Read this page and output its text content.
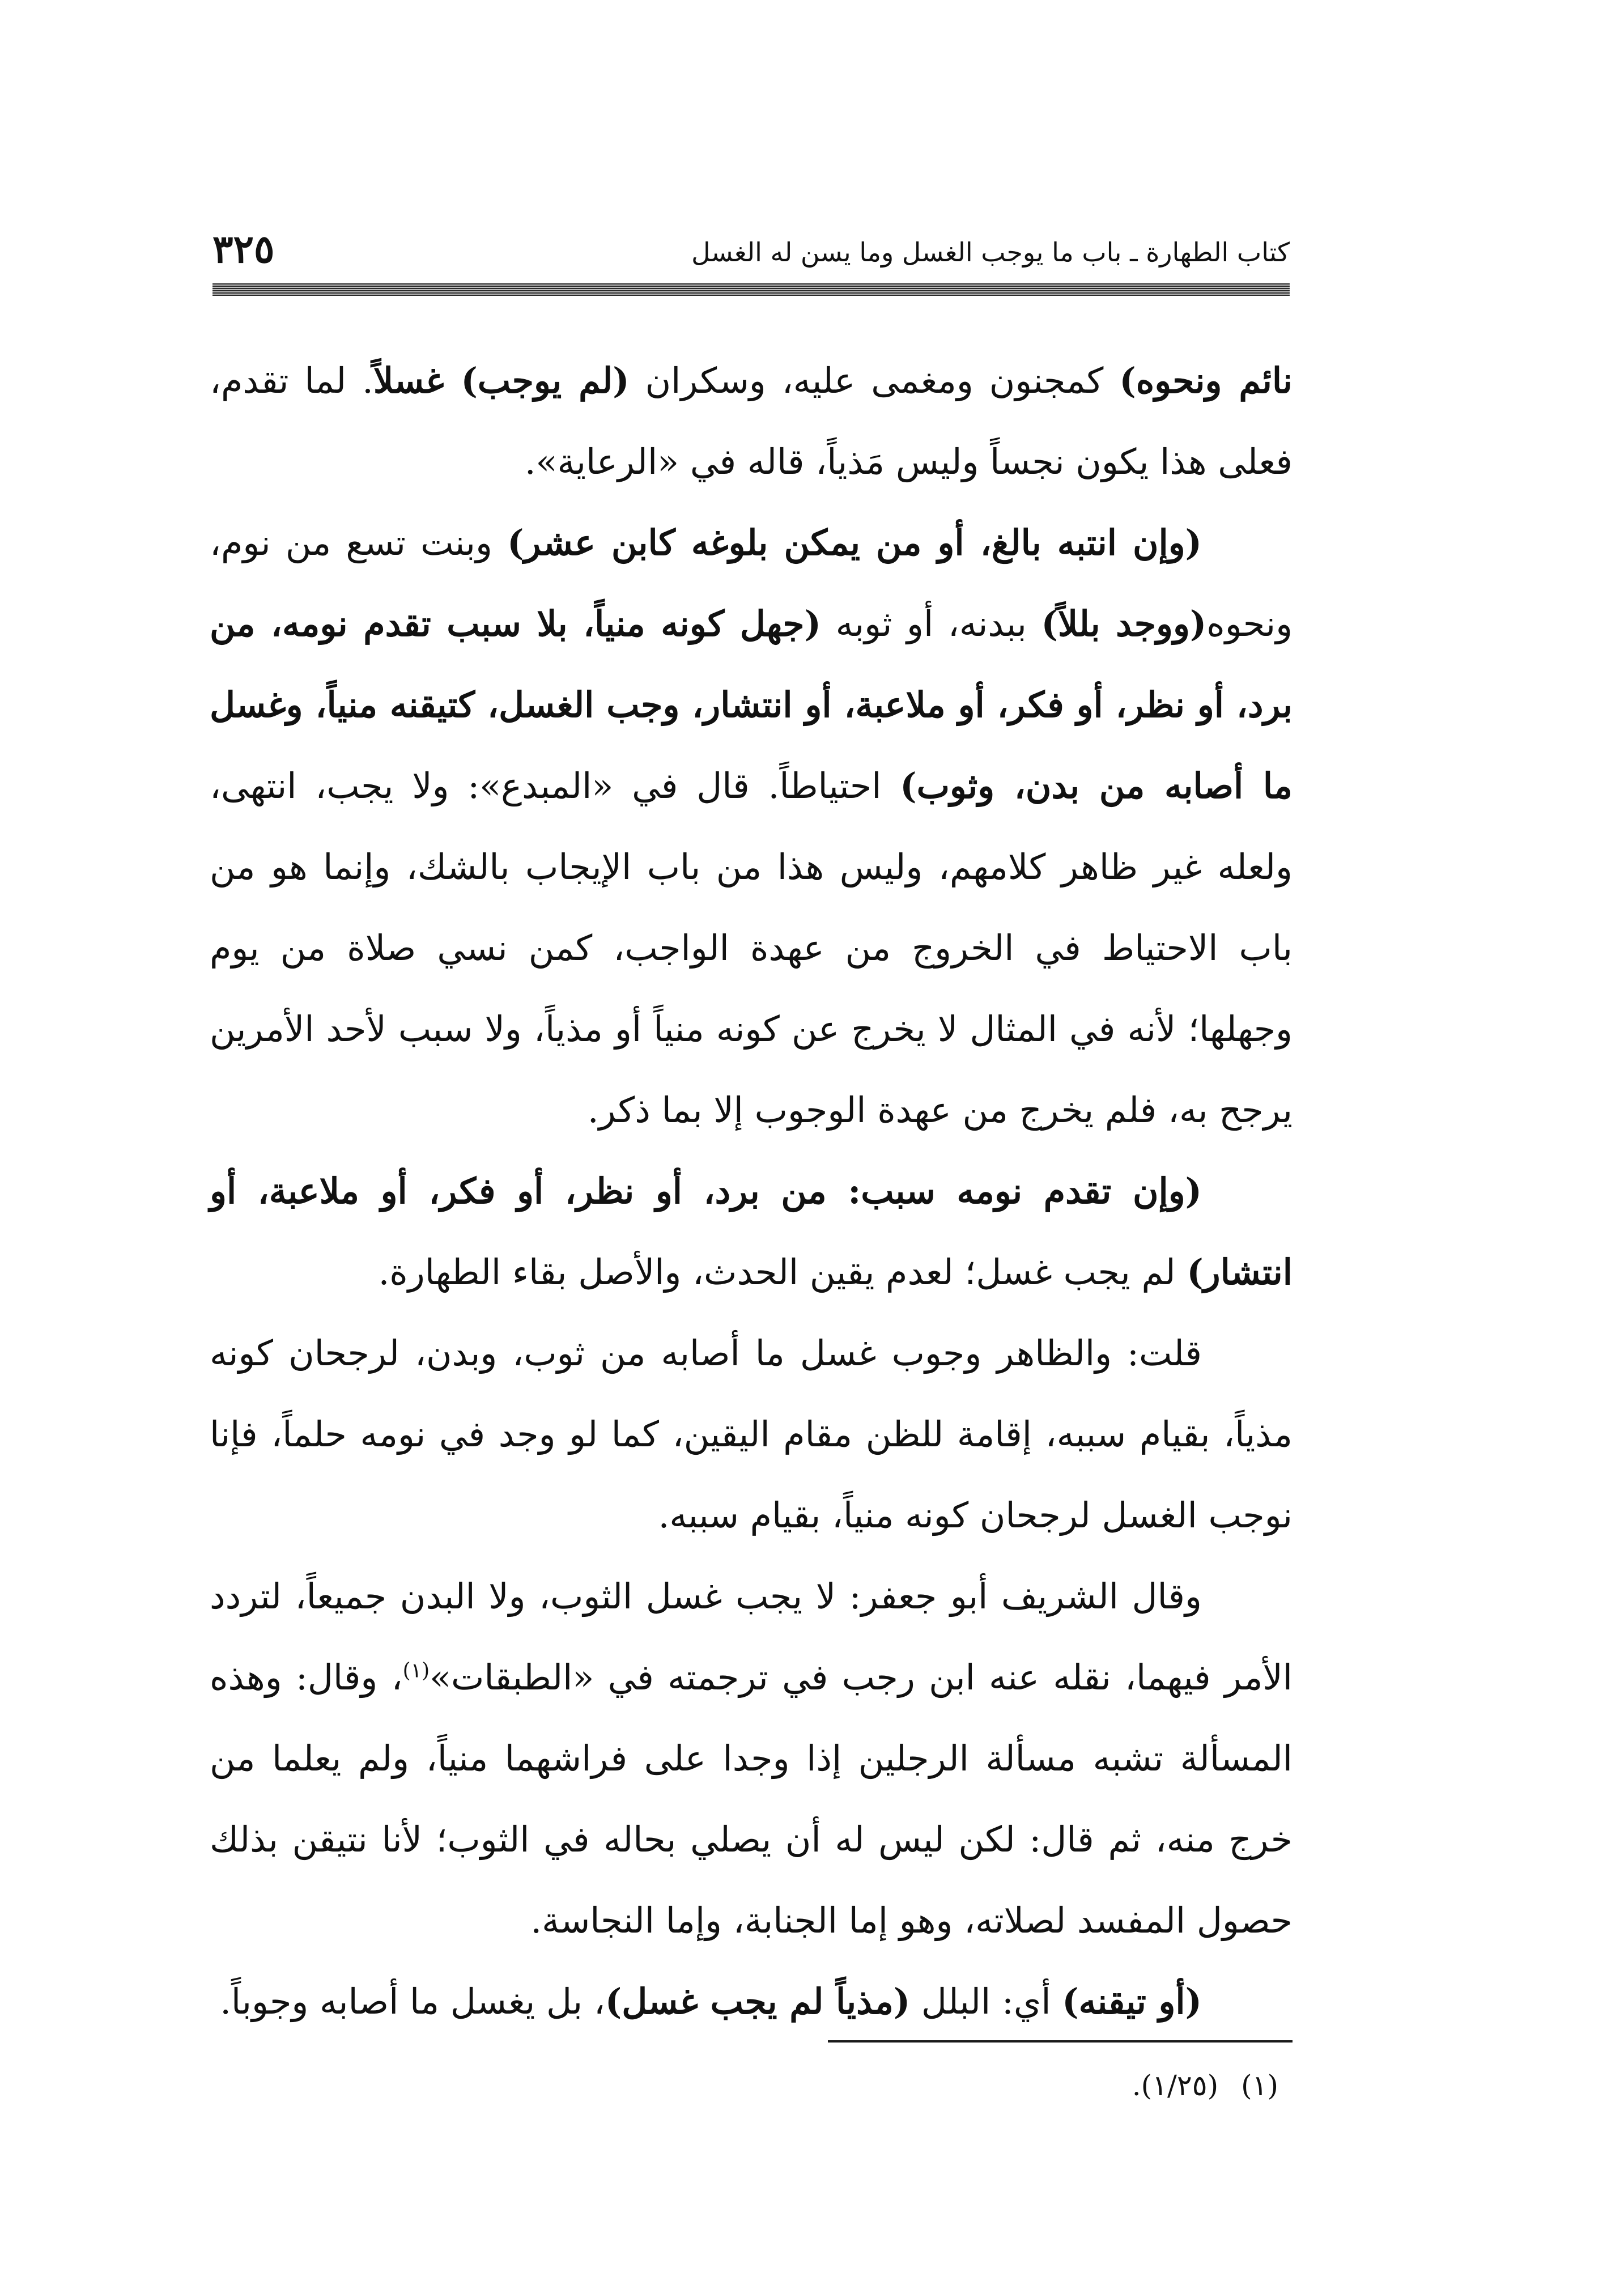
كتاب الطهارة ـ باب ما يوجب الغسل وما يسن له الغسل
٣٢٥

نائم ونحوه) كمجنون ومغمى عليه، وسكران (لم يوجب) غسلاً. لما تقدم، فعلى هذا يكون نجساً وليس مَذياً، قاله في «الرعاية».

(وإن انتبه بالغ، أو من يمكن بلوغه كابن عشر) وبنت تسع من نوم، ونحوه(ووجد بللاً) ببدنه، أو ثوبه (جهل كونه منياً، بلا سبب تقدم نومه، من برد، أو نظر، أو فكر، أو ملاعبة، أو انتشار، وجب الغسل، كتيقنه منياً، وغسل ما أصابه من بدن، وثوب) احتياطاً. قال في «المبدع»: ولا يجب، انتهى، ولعله غير ظاهر كلامهم، وليس هذا من باب الإيجاب بالشك، وإنما هو من باب الاحتياط في الخروج من عهدة الواجب، كمن نسي صلاة من يوم وجهلها؛ لأنه في المثال لا يخرج عن كونه منياً أو مذياً، ولا سبب لأحد الأمرين يرجح به، فلم يخرج من عهدة الوجوب إلا بما ذكر.

(وإن تقدم نومه سبب: من برد، أو نظر، أو فكر، أو ملاعبة، أو انتشار) لم يجب غسل؛ لعدم يقين الحدث، والأصل بقاء الطهارة.

قلت: والظاهر وجوب غسل ما أصابه من ثوب، وبدن، لرجحان كونه مذياً، بقيام سببه، إقامة للظن مقام اليقين، كما لو وجد في نومه حلماً، فإنا نوجب الغسل لرجحان كونه منياً، بقيام سببه.

وقال الشريف أبو جعفر: لا يجب غسل الثوب، ولا البدن جميعاً، لتردد الأمر فيهما، نقله عنه ابن رجب في ترجمته في «الطبقات»$^{(١)}$، وقال: وهذه المسألة تشبه مسألة الرجلين إذا وجدا على فراشهما منياً، ولم يعلما من خرج منه، ثم قال: لكن ليس له أن يصلي بحاله في الثوب؛ لأنا نتيقن بذلك حصول المفسد لصلاته، وهو إما الجنابة، وإما النجاسة.

(أو تيقنه) أي: البلل (مذياً لم يجب غسل)، بل يغسل ما أصابه وجوباً.

(١)(١/٢٥).
